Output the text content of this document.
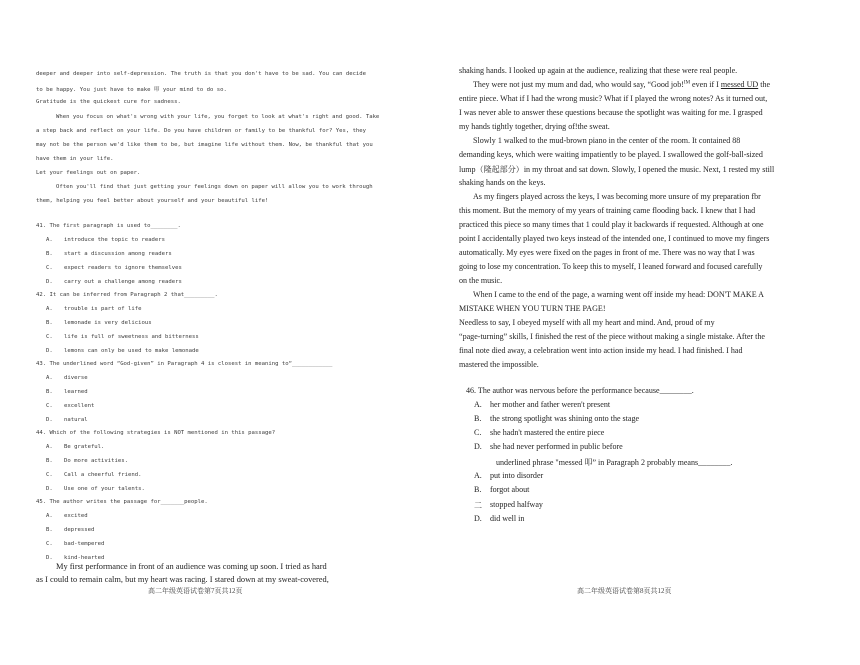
deeper and deeper into self-depression. The truth is that you don't have to be sad. You can decide
to be happy. You just have to make 叩 your mind to do so.
Gratitude is the quickest cure for sadness.
When you focus on what's wrong with your life, you forget to look at what's right and good. Take
a step back and reflect on your life. Do you have children or family to be thankful for? Yes, they
may not be the person we'd like them to be, but imagine life without them. Now, be thankful that you
have them in your life.
Let your feelings out on paper.
Often you'll find that just getting your feelings down on paper will allow you to work through
them, helping you feel better about yourself and your beautiful life!
41. The first paragraph is used to________.
A. introduce the topic to readers
B. start a discussion among readers
C. expect readers to ignore themselves
D. carry out a challenge among readers
42. It can be inferred from Paragraph 2 that_________.
A. trouble is part of life
B. lemonade is very delicious
C. life is full of sweetness and bitterness
D. lemons can only be used to make lemonade
43. The underlined word “God-given” in Paragraph 4 is closest in meaning to“____________
A. diverse
B. learned
C. excellent
D. natural
44. Which of the following strategies is NOT mentioned in this passage?
A. Be grateful.
B. Do more activities.
C. Call a cheerful friend.
D. Use one of your talents.
45. The author writes the passage for_______people.
A. excited
B. depressed
C. bad-tempered
D. kind-hearted
My first performance in front of an audience was coming up soon. I tried as hard
as I could to remain calm, but my heart was racing. I stared down at my sweat-covered,
高二年级英语试卷第7页共12页
shaking hands. I looked up again at the audience, realizing that these were real people.
They were not just my mum and dad, who would say, “Good job!$^{IM}$ even if I messed UD the
entire piece. What if I had the wrong music? What if I played the wrong notes? As it turned out,
I was never able to answer these questions because the spotlight was waiting for me. I grasped
my hands tightly together, drying of!the sweat.
Slowly 1 walked to the mud-brown piano in the center of the room. It contained 88
demanding keys, which were waiting impatiently to be played. I swallowed the golf-ball-sized
lump（隆起部分）in my throat and sat down. Slowly, I opened the music. Next, 1 rested my still
shaking hands on the keys.
As my fingers played across the keys, I was becoming more unsure of my preparation fbr
this moment. But the memory of my years of training came flooding back. I knew that I had
practiced this piece so many times that 1 could play it backwards if requested. Although at one
point I accidentally played two keys instead of the intended one, I continued to move my fingers
automatically. My eyes were fixed on the pages in front of me. There was no way that I was
going to lose my concentration. To keep this to myself, I leaned forward and focused carefully
on the music.
When I came to the end of the page, a warning went off inside my head: DON'T MAKE A
MISTAKE WHEN YOU TURN THE PAGE!
Needless to say, I obeyed myself with all my heart and mind. And, proud of my
“page-turning” skills, I finished the rest of the piece without making a single mistake. After the
final note died away, a celebration went into action inside my head. I had finished. I had
mastered the impossible.
46. The author was nervous before the performance because________.
A. her mother and father weren't present
B. the strong spotlight was shining onto the stage
C. she hadn't mastered the entire piece
D. she had never performed in public before
underlined phrase "messed 叩” in Paragraph 2 probably means________.
A. put into disorder
B. forgot about
二 stopped halfway
D. did well in
高二年级英语试卷第8页共12页
